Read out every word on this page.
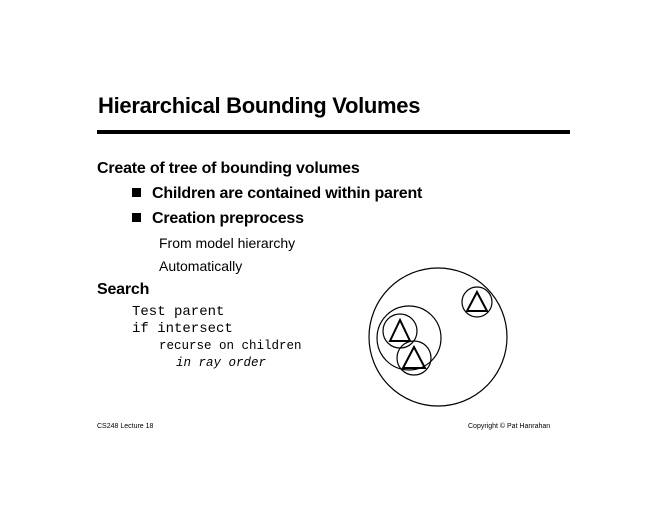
Hierarchical Bounding Volumes
Create of tree of bounding volumes
Children are contained within parent
Creation preprocess
From model hierarchy
Automatically
Search
Test parent
if intersect
recurse on children
in ray order
CS248 Lecture 18	Copyright © Pat Hanrahan
